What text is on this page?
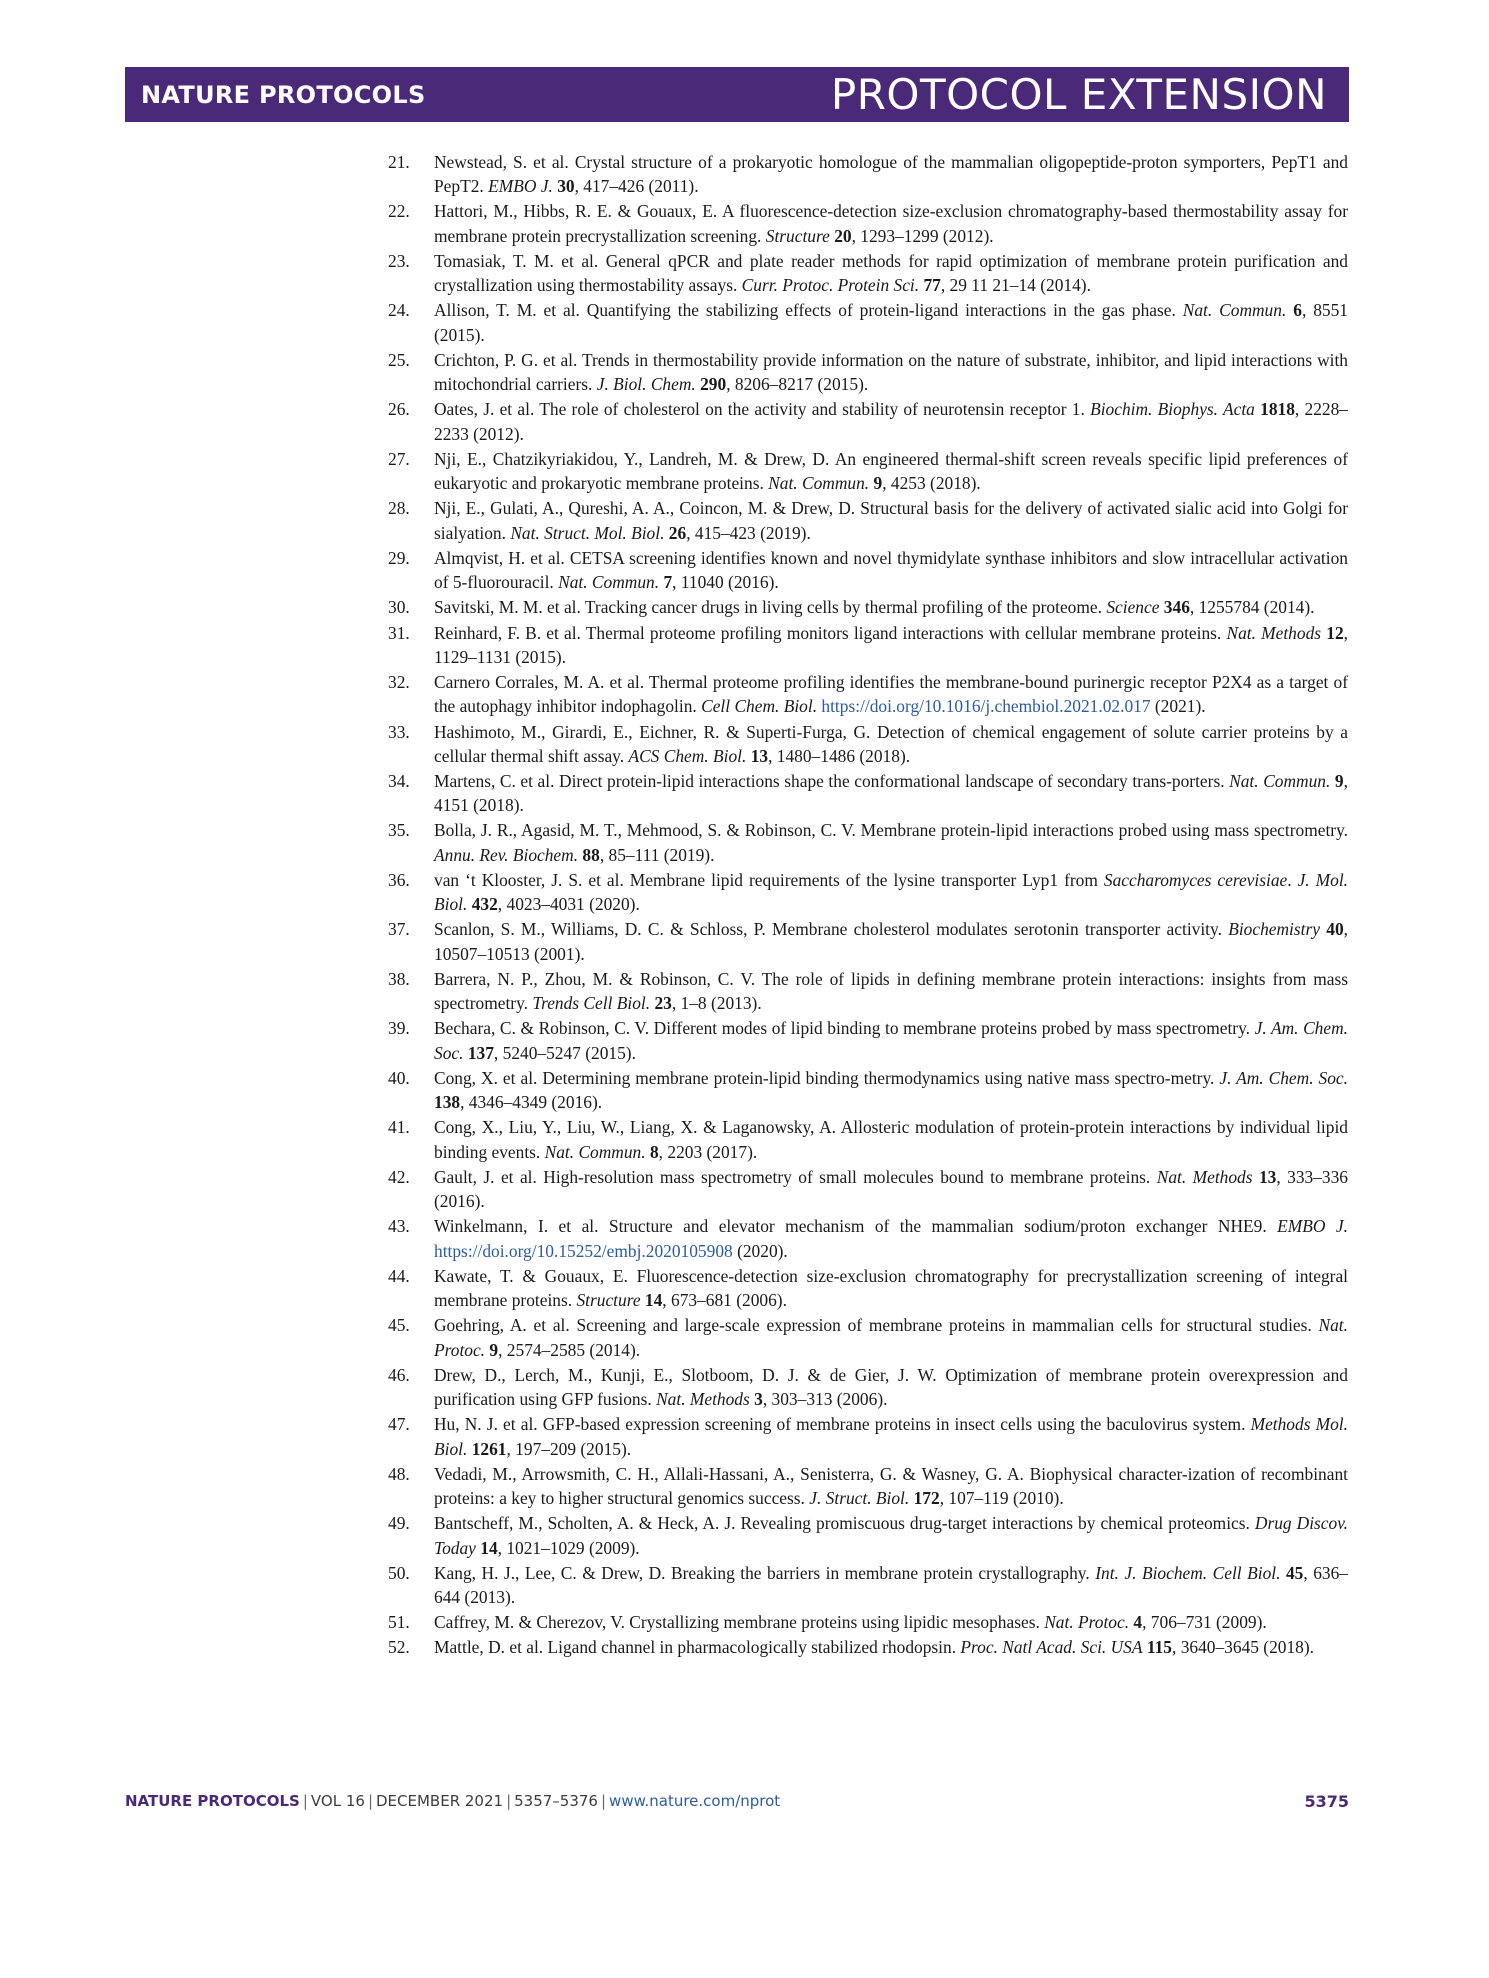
NATURE PROTOCOLS	PROTOCOL EXTENSION
21. Newstead, S. et al. Crystal structure of a prokaryotic homologue of the mammalian oligopeptide-proton symporters, PepT1 and PepT2. EMBO J. 30, 417–426 (2011).
22. Hattori, M., Hibbs, R. E. & Gouaux, E. A fluorescence-detection size-exclusion chromatography-based thermostability assay for membrane protein precrystallization screening. Structure 20, 1293–1299 (2012).
23. Tomasiak, T. M. et al. General qPCR and plate reader methods for rapid optimization of membrane protein purification and crystallization using thermostability assays. Curr. Protoc. Protein Sci. 77, 29 11 21–14 (2014).
24. Allison, T. M. et al. Quantifying the stabilizing effects of protein-ligand interactions in the gas phase. Nat. Commun. 6, 8551 (2015).
25. Crichton, P. G. et al. Trends in thermostability provide information on the nature of substrate, inhibitor, and lipid interactions with mitochondrial carriers. J. Biol. Chem. 290, 8206–8217 (2015).
26. Oates, J. et al. The role of cholesterol on the activity and stability of neurotensin receptor 1. Biochim. Biophys. Acta 1818, 2228–2233 (2012).
27. Nji, E., Chatzikyriakidou, Y., Landreh, M. & Drew, D. An engineered thermal-shift screen reveals specific lipid preferences of eukaryotic and prokaryotic membrane proteins. Nat. Commun. 9, 4253 (2018).
28. Nji, E., Gulati, A., Qureshi, A. A., Coincon, M. & Drew, D. Structural basis for the delivery of activated sialic acid into Golgi for sialyation. Nat. Struct. Mol. Biol. 26, 415–423 (2019).
29. Almqvist, H. et al. CETSA screening identifies known and novel thymidylate synthase inhibitors and slow intracellular activation of 5-fluorouracil. Nat. Commun. 7, 11040 (2016).
30. Savitski, M. M. et al. Tracking cancer drugs in living cells by thermal profiling of the proteome. Science 346, 1255784 (2014).
31. Reinhard, F. B. et al. Thermal proteome profiling monitors ligand interactions with cellular membrane proteins. Nat. Methods 12, 1129–1131 (2015).
32. Carnero Corrales, M. A. et al. Thermal proteome profiling identifies the membrane-bound purinergic receptor P2X4 as a target of the autophagy inhibitor indophagolin. Cell Chem. Biol. https://doi.org/10.1016/j.chembiol.2021.02.017 (2021).
33. Hashimoto, M., Girardi, E., Eichner, R. & Superti-Furga, G. Detection of chemical engagement of solute carrier proteins by a cellular thermal shift assay. ACS Chem. Biol. 13, 1480–1486 (2018).
34. Martens, C. et al. Direct protein-lipid interactions shape the conformational landscape of secondary trans-porters. Nat. Commun. 9, 4151 (2018).
35. Bolla, J. R., Agasid, M. T., Mehmood, S. & Robinson, C. V. Membrane protein-lipid interactions probed using mass spectrometry. Annu. Rev. Biochem. 88, 85–111 (2019).
36. van ‘t Klooster, J. S. et al. Membrane lipid requirements of the lysine transporter Lyp1 from Saccharomyces cerevisiae. J. Mol. Biol. 432, 4023–4031 (2020).
37. Scanlon, S. M., Williams, D. C. & Schloss, P. Membrane cholesterol modulates serotonin transporter activity. Biochemistry 40, 10507–10513 (2001).
38. Barrera, N. P., Zhou, M. & Robinson, C. V. The role of lipids in defining membrane protein interactions: insights from mass spectrometry. Trends Cell Biol. 23, 1–8 (2013).
39. Bechara, C. & Robinson, C. V. Different modes of lipid binding to membrane proteins probed by mass spectrometry. J. Am. Chem. Soc. 137, 5240–5247 (2015).
40. Cong, X. et al. Determining membrane protein-lipid binding thermodynamics using native mass spectro-metry. J. Am. Chem. Soc. 138, 4346–4349 (2016).
41. Cong, X., Liu, Y., Liu, W., Liang, X. & Laganowsky, A. Allosteric modulation of protein-protein interactions by individual lipid binding events. Nat. Commun. 8, 2203 (2017).
42. Gault, J. et al. High-resolution mass spectrometry of small molecules bound to membrane proteins. Nat. Methods 13, 333–336 (2016).
43. Winkelmann, I. et al. Structure and elevator mechanism of the mammalian sodium/proton exchanger NHE9. EMBO J. https://doi.org/10.15252/embj.2020105908 (2020).
44. Kawate, T. & Gouaux, E. Fluorescence-detection size-exclusion chromatography for precrystallization screening of integral membrane proteins. Structure 14, 673–681 (2006).
45. Goehring, A. et al. Screening and large-scale expression of membrane proteins in mammalian cells for structural studies. Nat. Protoc. 9, 2574–2585 (2014).
46. Drew, D., Lerch, M., Kunji, E., Slotboom, D. J. & de Gier, J. W. Optimization of membrane protein overexpression and purification using GFP fusions. Nat. Methods 3, 303–313 (2006).
47. Hu, N. J. et al. GFP-based expression screening of membrane proteins in insect cells using the baculovirus system. Methods Mol. Biol. 1261, 197–209 (2015).
48. Vedadi, M., Arrowsmith, C. H., Allali-Hassani, A., Senisterra, G. & Wasney, G. A. Biophysical character-ization of recombinant proteins: a key to higher structural genomics success. J. Struct. Biol. 172, 107–119 (2010).
49. Bantscheff, M., Scholten, A. & Heck, A. J. Revealing promiscuous drug-target interactions by chemical proteomics. Drug Discov. Today 14, 1021–1029 (2009).
50. Kang, H. J., Lee, C. & Drew, D. Breaking the barriers in membrane protein crystallography. Int. J. Biochem. Cell Biol. 45, 636–644 (2013).
51. Caffrey, M. & Cherezov, V. Crystallizing membrane proteins using lipidic mesophases. Nat. Protoc. 4, 706–731 (2009).
52. Mattle, D. et al. Ligand channel in pharmacologically stabilized rhodopsin. Proc. Natl Acad. Sci. USA 115, 3640–3645 (2018).
NATURE PROTOCOLS | VOL 16 | DECEMBER 2021 | 5357–5376 | www.nature.com/nprot	5375
